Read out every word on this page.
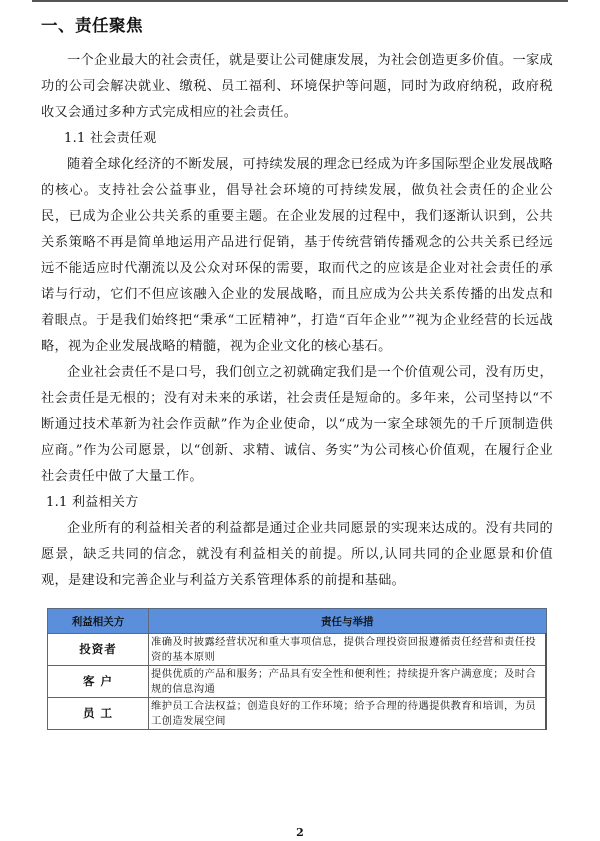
一、责任聚焦

一个企业最大的社会责任，就是要让公司健康发展，为社会创造更多价值。一家成功的公司会解决就业、缴税、员工福利、环境保护等问题，同时为政府纳税，政府税收又会通过多种方式完成相应的社会责任。

1.1 社会责任观

随着全球化经济的不断发展，可持续发展的理念已经成为许多国际型企业发展战略的核心。支持社会公益事业，倡导社会环境的可持续发展，做负社会责任的企业公民，已成为企业公共关系的重要主题。在企业发展的过程中，我们逐渐认识到，公共关系策略不再是简单地运用产品进行促销，基于传统营销传播观念的公共关系已经远远不能适应时代潮流以及公众对环保的需要，取而代之的应该是企业对社会责任的承诺与行动，它们不但应该融入企业的发展战略，而且应成为公共关系传播的出发点和着眼点。于是我们始终把“秉承“工匠精神”，打造“百年企业””视为企业经营的长远战略，视为企业发展战略的精髓，视为企业文化的核心基石。

企业社会责任不是口号，我们创立之初就确定我们是一个价值观公司，没有历史，社会责任是无根的；没有对未来的承诺，社会责任是短命的。多年来，公司坚持以“不断通过技术革新为社会作贡献”作为企业使命，以“成为一家全球领先的千斤顶制造供应商。”作为公司愿景，以“创新、求精、诚信、务实”为公司核心价值观，在履行企业社会责任中做了大量工作。

1.1 利益相关方

企业所有的利益相关者的利益都是通过企业共同愿景的实现来达成的。没有共同的愿景，缺乏共同的信念，就没有利益相关的前提。所以,认同共同的企业愿景和价值观，是建设和完善企业与利益方关系管理体系的前提和基础。

利益相关方	责任与举措
投资者	准确及时披露经营状况和重大事项信息，提供合理投资回报遵循责任经营和责任投资的基本原则
客 户	提供优质的产品和服务；产品具有安全性和便利性；持续提升客户满意度；及时合规的信息沟通
员 工	维护员工合法权益；创造良好的工作环境；给予合理的待遇提供教育和培训，为员工创造发展空间
2
